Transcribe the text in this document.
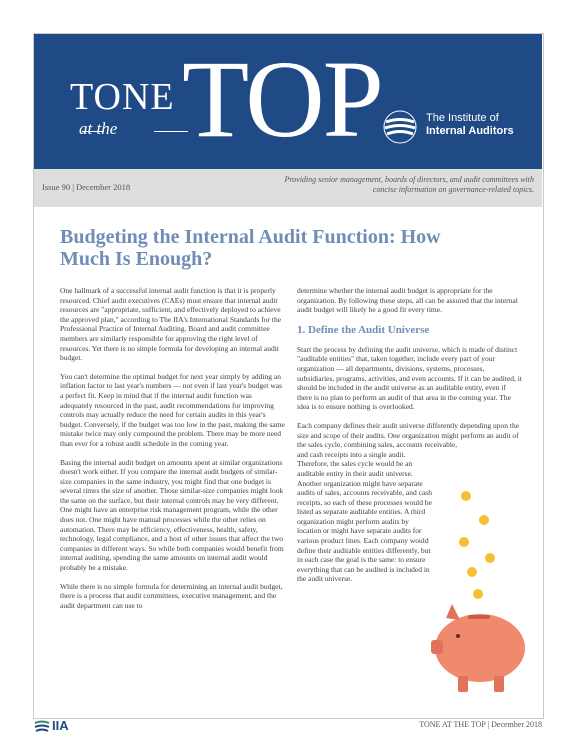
TONE
at the TOP	The Institute of
Internal Auditors
Issue 90 | December 2018
Providing senior management, boards of directors, and audit committees with concise information on governance-related topics.
Budgeting the Internal Audit Function: How Much Is Enough?

One hallmark of a successful internal audit function is that it is properly resourced. Chief audit executives (CAEs) must ensure that internal audit resources are "appropriate, sufficient, and effectively deployed to achieve the approved plan," according to The IIA's International Standards for the Professional Practice of Internal Auditing. Board and audit committee members are similarly responsible for approving the right level of resources. Yet there is no simple formula for developing an internal audit budget.

You can't determine the optimal budget for next year simply by adding an inflation factor to last year's numbers — not even if last year's budget was a perfect fit. Keep in mind that if the internal audit function was adequately resourced in the past, audit recommendations for improving controls may actually reduce the need for certain audits in this year's budget. Conversely, if the budget was too low in the past, making the same mistake twice may only compound the problem. There may be more need than ever for a robust audit schedule in the coming year.

Basing the internal audit budget on amounts spent at similar organizations doesn't work either. If you compare the internal audit budgets of similar-size companies in the same industry, you might find that one budget is several times the size of another. Those similar-size companies might look the same on the surface, but their internal controls may be very different. One might have an enterprise risk management program, while the other does not. One might have manual processes while the other relies on automation. There may be efficiency, effectiveness, health, safety, technology, legal compliance, and a host of other issues that affect the two companies in different ways. So while both companies would benefit from internal auditing, spending the same amounts on internal audit would probably be a mistake.

While there is no simple formula for determining an internal audit budget, there is a process that audit committees, executive management, and the audit department can use to

determine whether the internal audit budget is appropriate for the organization. By following these steps, all can be assured that the internal audit budget will likely be a good fit every time.

1. Define the Audit Universe

Start the process by defining the audit universe, which is made of distinct "auditable entities" that, taken together, include every part of your organization — all departments, divisions, systems, processes, subsidiaries, programs, activities, and even accounts. If it can be audited, it should be included in the audit universe as an auditable entity, even if there is no plan to perform an audit of that area in the coming year. The idea is to ensure nothing is overlooked.

Each company defines their audit universe differently depending upon the size and scope of their audits. One organization might perform an audit of the sales cycle, combining sales, accounts receivable,

and cash receipts into a single audit. Therefore, the sales cycle would be an auditable entity in their audit universe. Another organization might have separate audits of sales, accounts receivable, and cash receipts, so each of these processes would be listed as separate auditable entities. A third organization might perform audits by location or might have separate audits for various product lines. Each company would define their auditable entities differently, but in each case the goal is the same: to ensure everything that can be audited is included in the audit universe.

IIA	TONE AT THE TOP | December 2018
